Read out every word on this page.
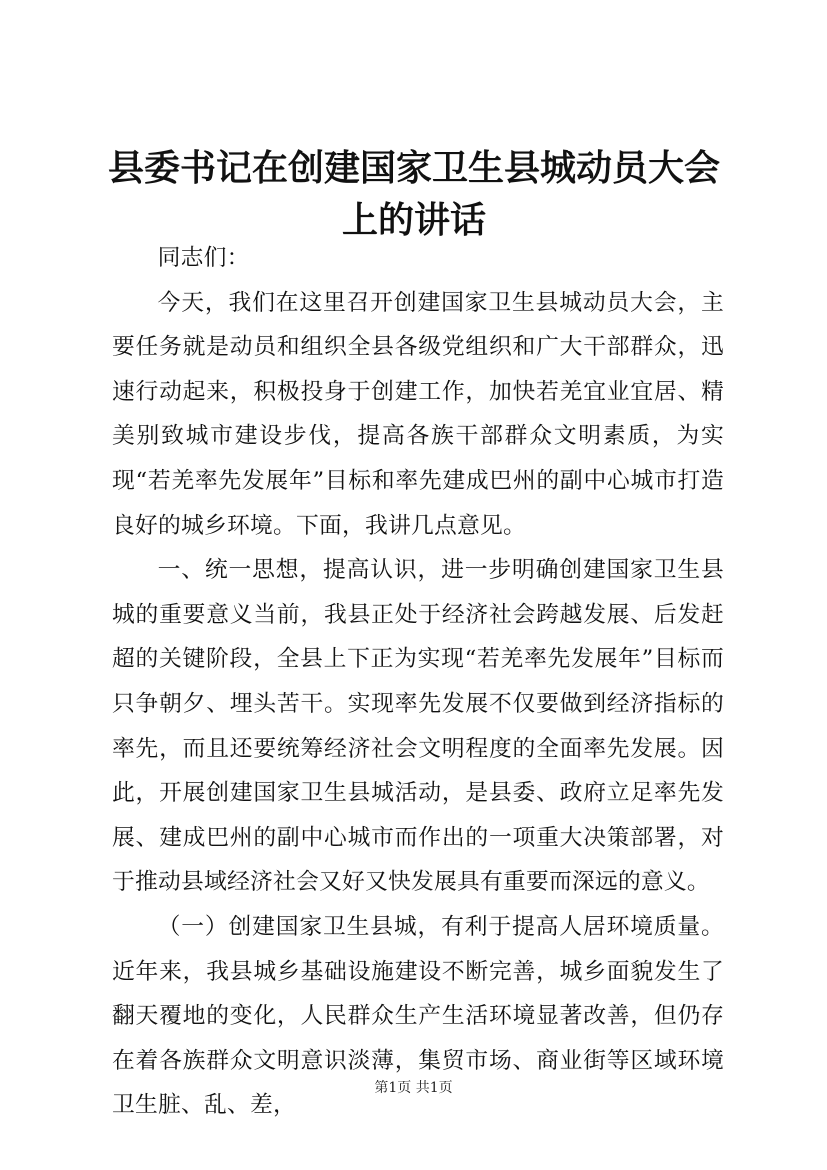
县委书记在创建国家卫生县城动员大会上的讲话

同志们：

今天，我们在这里召开创建国家卫生县城动员大会，主要任务就是动员和组织全县各级党组织和广大干部群众，迅速行动起来，积极投身于创建工作，加快若羌宜业宜居、精美别致城市建设步伐，提高各族干部群众文明素质，为实现“若羌率先发展年”目标和率先建成巴州的副中心城市打造良好的城乡环境。下面，我讲几点意见。

一、统一思想，提高认识，进一步明确创建国家卫生县城的重要意义当前，我县正处于经济社会跨越发展、后发赶超的关键阶段，全县上下正为实现“若羌率先发展年”目标而只争朝夕、埋头苦干。实现率先发展不仅要做到经济指标的率先，而且还要统筹经济社会文明程度的全面率先发展。因此，开展创建国家卫生县城活动，是县委、政府立足率先发展、建成巴州的副中心城市而作出的一项重大决策部署，对于推动县域经济社会又好又快发展具有重要而深远的意义。

（一）创建国家卫生县城，有利于提高人居环境质量。近年来，我县城乡基础设施建设不断完善，城乡面貌发生了翻天覆地的变化，人民群众生产生活环境显著改善，但仍存在着各族群众文明意识淡薄，集贸市场、商业街等区域环境卫生脏、乱、差，

第1页 共1页
